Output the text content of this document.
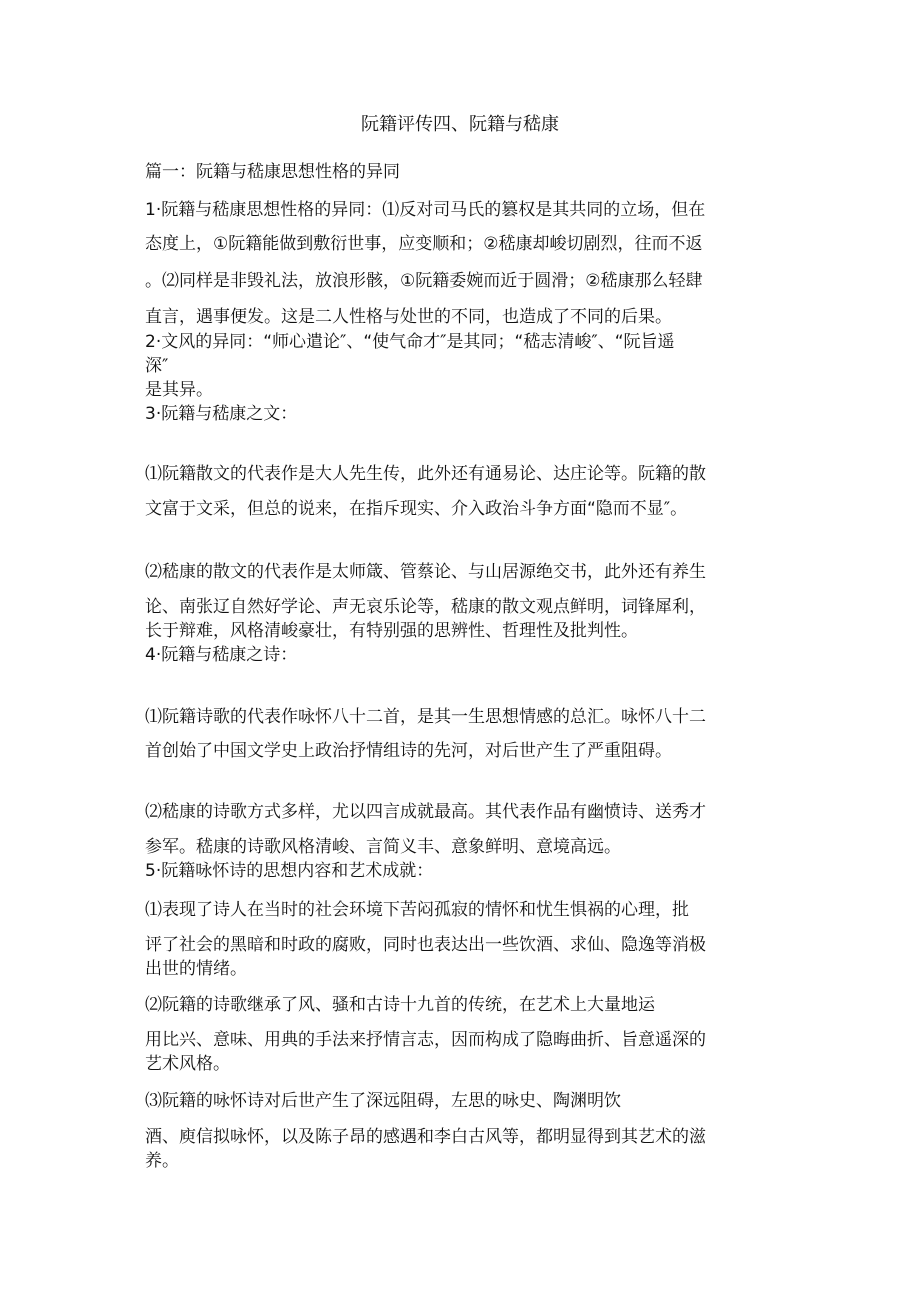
阮籍评传四、阮籍与嵇康
篇一：阮籍与嵇康思想性格的异同
1·阮籍与嵇康思想性格的异同：⑴反对司马氏的篡权是其共同的立场，但在
态度上，①阮籍能做到敷衍世事，应变顺和；②嵇康却峻切剧烈，往而不返
。⑵同样是非毁礼法，放浪形骸，①阮籍委婉而近于圆滑；②嵇康那么轻肆
直言，遇事便发。这是二人性格与处世的不同，也造成了不同的后果。
2·文风的异同：“师心遣论″、“使气命才″是其同；“嵇志清峻″、“阮旨遥
深″
是其异。
3·阮籍与嵇康之文：
⑴阮籍散文的代表作是大人先生传，此外还有通易论、达庄论等。阮籍的散
文富于文采，但总的说来，在指斥现实、介入政治斗争方面“隐而不显″。
⑵嵇康的散文的代表作是太师箴、管蔡论、与山居源绝交书，此外还有养生
论、南张辽自然好学论、声无哀乐论等，嵇康的散文观点鲜明，词锋犀利，
长于辩难，风格清峻豪壮，有特别强的思辨性、哲理性及批判性。
4·阮籍与嵇康之诗：
⑴阮籍诗歌的代表作咏怀八十二首，是其一生思想情感的总汇。咏怀八十二
首创始了中国文学史上政治抒情组诗的先河，对后世产生了严重阻碍。
⑵嵇康的诗歌方式多样，尤以四言成就最高。其代表作品有幽愤诗、送秀才
参军。嵇康的诗歌风格清峻、言简义丰、意象鲜明、意境高远。
5·阮籍咏怀诗的思想内容和艺术成就：
⑴表现了诗人在当时的社会环境下苦闷孤寂的情怀和忧生惧祸的心理，批
评了社会的黑暗和时政的腐败，同时也表达出一些饮酒、求仙、隐逸等消极
出世的情绪。
⑵阮籍的诗歌继承了风、骚和古诗十九首的传统，在艺术上大量地运
用比兴、意味、用典的手法来抒情言志，因而构成了隐晦曲折、旨意遥深的
艺术风格。
⑶阮籍的咏怀诗对后世产生了深远阻碍，左思的咏史、陶渊明饮
酒、庾信拟咏怀，以及陈子昂的感遇和李白古风等，都明显得到其艺术的滋
养。
